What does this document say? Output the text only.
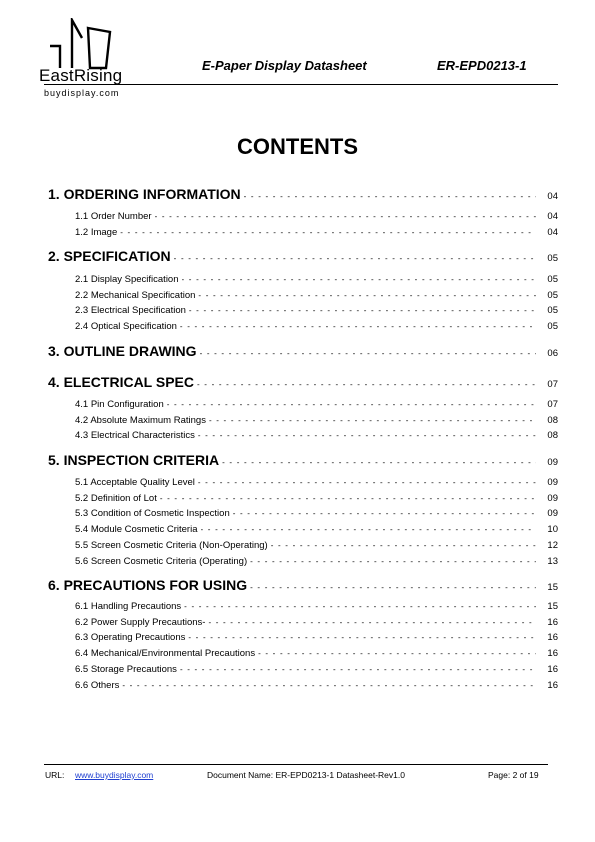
EastRising
buydisplay.com
E-Paper Display Datasheet	ER-EPD0213-1
CONTENTS
1. ORDERING INFORMATION - - -	04
1.1 Order Number - - -	04
1.2 Image - - -	04
2. SPECIFICATION - - -	05
2.1 Display Specification - - -	05
2.2 Mechanical Specification - - -	05
2.3 Electrical Specification - - -	05
2.4 Optical Specification - - -	05
3. OUTLINE DRAWING - - -	06
4. ELECTRICAL SPEC - - -	07
4.1 Pin Configuration - - -	07
4.2 Absolute Maximum Ratings - - -	08
4.3 Electrical Characteristics - - -	08
5. INSPECTION CRITERIA - - -	09
5.1 Acceptable Quality Level - - -	09
5.2 Definition of Lot - - -	09
5.3 Condition of Cosmetic Inspection - - -	09
5.4 Module Cosmetic Criteria - - -	10
5.5 Screen Cosmetic Criteria (Non-Operating) - - -	12
5.6 Screen Cosmetic Criteria (Operating) - - -	13
6. PRECAUTIONS FOR USING - - -	15
6.1 Handling Precautions - - -	15
6.2 Power Supply Precautions- - - -	16
6.3 Operating Precautions - - -	16
6.4 Mechanical/Environmental Precautions - - -	16
6.5 Storage Precautions - - -	16
6.6 Others - - -	16
URL: www.buydisplay.com	Document Name: ER-EPD0213-1 Datasheet-Rev1.0	Page: 2 of 19
